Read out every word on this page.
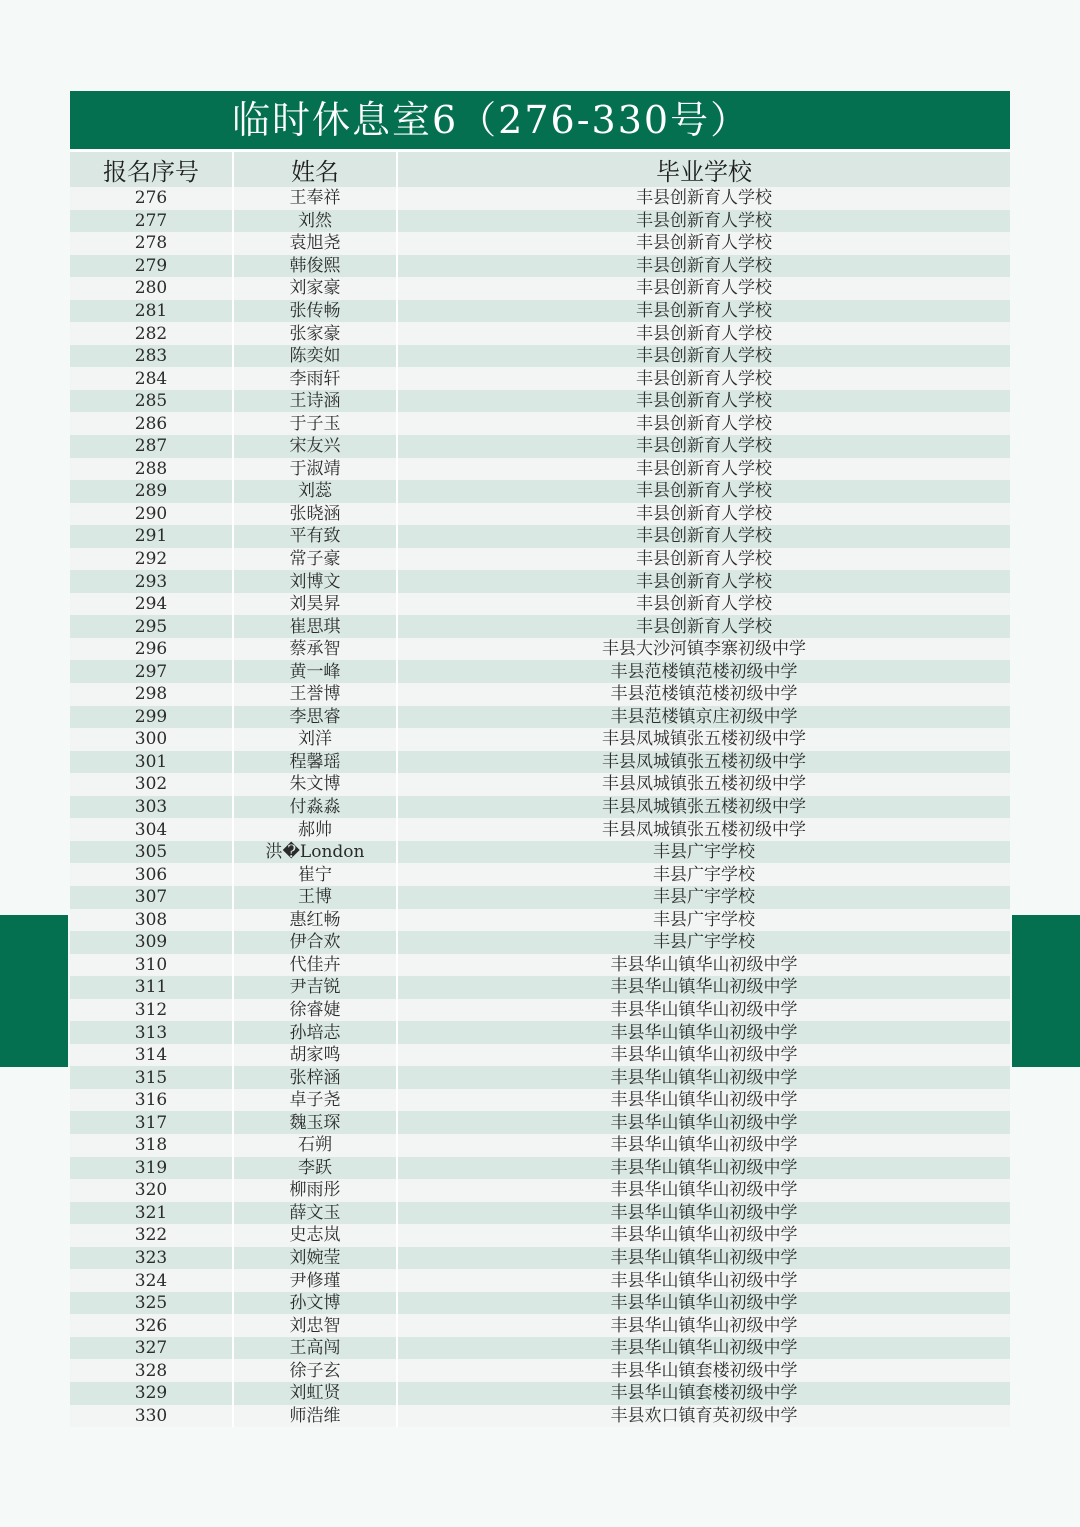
临时休息室6（276-330号）
报名序号	姓名	毕业学校
276	王奉祥	丰县创新育人学校
277	刘然	丰县创新育人学校
278	袁旭尧	丰县创新育人学校
279	韩俊熙	丰县创新育人学校
280	刘家豪	丰县创新育人学校
281	张传畅	丰县创新育人学校
282	张家豪	丰县创新育人学校
283	陈奕如	丰县创新育人学校
284	李雨轩	丰县创新育人学校
285	王诗涵	丰县创新育人学校
286	于子玉	丰县创新育人学校
287	宋友兴	丰县创新育人学校
288	于淑靖	丰县创新育人学校
289	刘蕊	丰县创新育人学校
290	张晓涵	丰县创新育人学校
291	平有致	丰县创新育人学校
292	常子豪	丰县创新育人学校
293	刘博文	丰县创新育人学校
294	刘昊昇	丰县创新育人学校
295	崔思琪	丰县创新育人学校
296	蔡承智	丰县大沙河镇李寨初级中学
297	黄一峰	丰县范楼镇范楼初级中学
298	王誉博	丰县范楼镇范楼初级中学
299	李思睿	丰县范楼镇京庄初级中学
300	刘洋	丰县凤城镇张五楼初级中学
301	程馨瑶	丰县凤城镇张五楼初级中学
302	朱文博	丰县凤城镇张五楼初级中学
303	付淼淼	丰县凤城镇张五楼初级中学
304	郝帅	丰县凤城镇张五楼初级中学
305	洪�London	丰县广宇学校
306	崔宁	丰县广宇学校
307	王博	丰县广宇学校
308	惠红畅	丰县广宇学校
309	伊合欢	丰县广宇学校
310	代佳卉	丰县华山镇华山初级中学
311	尹吉锐	丰县华山镇华山初级中学
312	徐睿婕	丰县华山镇华山初级中学
313	孙培志	丰县华山镇华山初级中学
314	胡家鸣	丰县华山镇华山初级中学
315	张梓涵	丰县华山镇华山初级中学
316	卓子尧	丰县华山镇华山初级中学
317	魏玉琛	丰县华山镇华山初级中学
318	石朔	丰县华山镇华山初级中学
319	李跃	丰县华山镇华山初级中学
320	柳雨彤	丰县华山镇华山初级中学
321	薛文玉	丰县华山镇华山初级中学
322	史志岚	丰县华山镇华山初级中学
323	刘婉莹	丰县华山镇华山初级中学
324	尹修瑾	丰县华山镇华山初级中学
325	孙文博	丰县华山镇华山初级中学
326	刘忠智	丰县华山镇华山初级中学
327	王高闯	丰县华山镇华山初级中学
328	徐子玄	丰县华山镇套楼初级中学
329	刘虹贤	丰县华山镇套楼初级中学
330	师浩维	丰县欢口镇育英初级中学
